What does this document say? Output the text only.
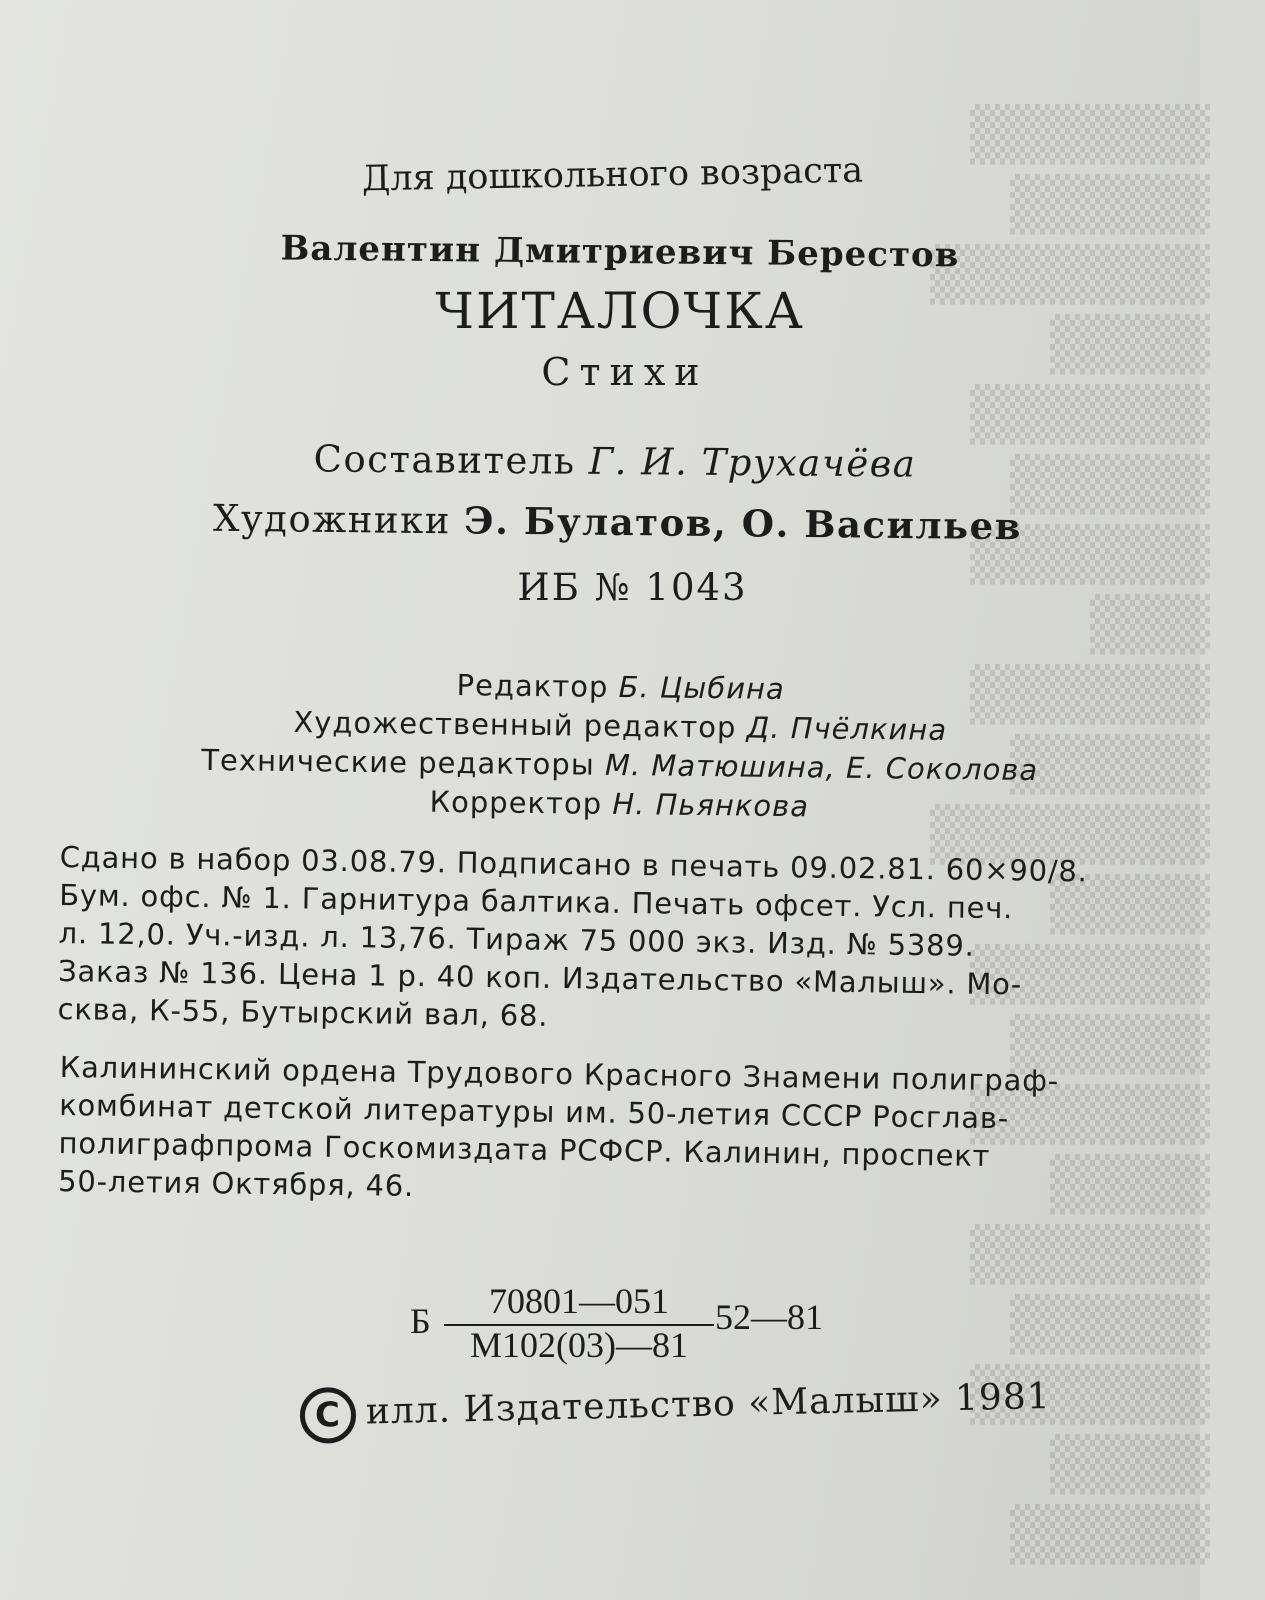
▒▒▒▒▒▒
▒▒▒▒▒
▒▒▒▒▒▒▒
▒▒▒▒
▒▒▒▒▒▒
▒▒▒▒▒
▒▒▒▒▒▒
▒▒▒
▒▒▒▒▒▒
▒▒▒▒▒
▒▒▒▒▒▒▒
▒▒▒▒
▒▒▒▒▒▒
▒▒▒▒▒
▒▒▒▒▒▒
▒▒▒▒
▒▒▒▒▒▒
▒▒▒▒▒
▒▒▒▒▒▒
▒▒▒▒
▒▒▒▒▒
Для дошкольного возраста
Валентин Дмитриевич Берестов
ЧИТАЛОЧКА
Стихи
Составитель Г. И. Трухачёва
Художники Э. Булатов, О. Васильев
ИБ № 1043
Редактор Б. Цыбина
Художественный редактор Д. Пчёлкина
Технические редакторы М. Матюшина, Е. Соколова
Корректор Н. Пьянкова
Сдано в набор 03.08.79. Подписано в печать 09.02.81. 60×90/8.
Бум. офс. № 1. Гарнитура балтика. Печать офсет. Усл. печ.
л. 12,0. Уч.-изд. л. 13,76. Тираж 75 000 экз. Изд. № 5389.
Заказ № 136. Цена 1 р. 40 коп. Издательство «Малыш». Мо-
сква, К-55, Бутырский вал, 68.
Калининский ордена Трудового Красного Знамени полиграф-
комбинат детской литературы им. 50-летия СССР Росглав-
полиграфпрома Госкомиздата РСФСР. Калинин, проспект
50-летия Октября, 46.
Б	70801—051
М102(03)—81
52—81
C илл. Издательство «Малыш» 1981
